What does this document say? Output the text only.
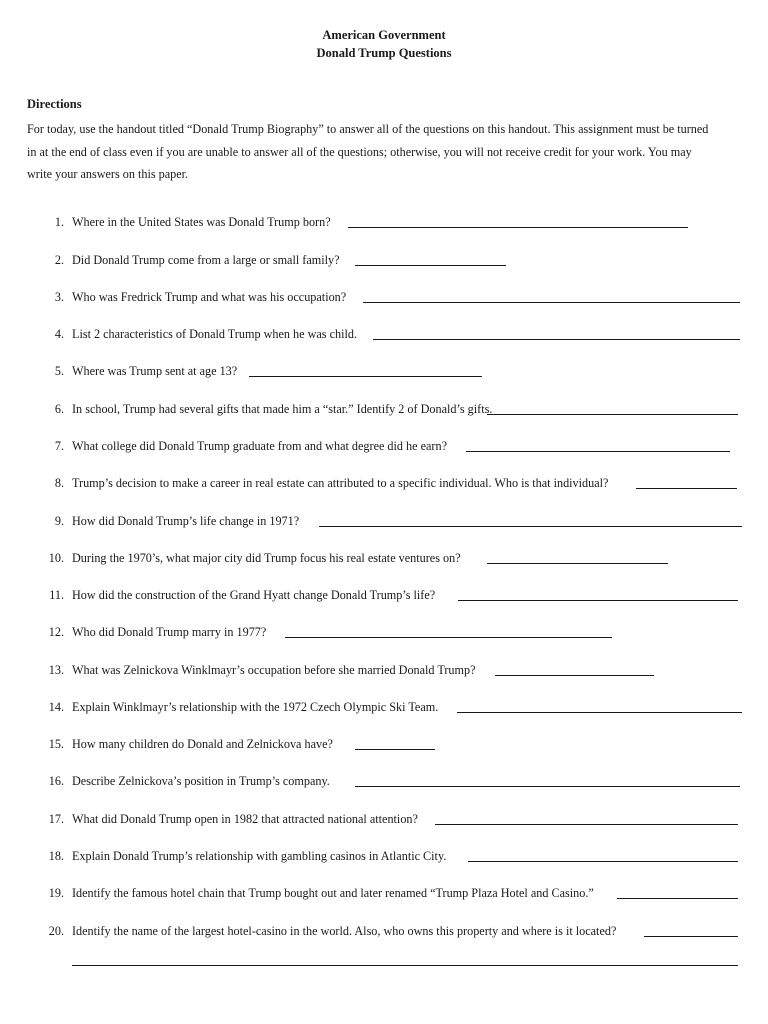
American Government
Donald Trump Questions
Directions
For today, use the handout titled “Donald Trump Biography” to answer all of the questions on this handout. This assignment must be turned
in at the end of class even if you are unable to answer all of the questions; otherwise, you will not receive credit for your work. You may
write your answers on this paper.
1. Where in the United States was Donald Trump born?
2. Did Donald Trump come from a large or small family?
3. Who was Fredrick Trump and what was his occupation?
4. List 2 characteristics of Donald Trump when he was child.
5. Where was Trump sent at age 13?
6. In school, Trump had several gifts that made him a “star.” Identify 2 of Donald’s gifts.
7. What college did Donald Trump graduate from and what degree did he earn?
8. Trump’s decision to make a career in real estate can attributed to a specific individual. Who is that individual?
9. How did Donald Trump’s life change in 1971?
10. During the 1970’s, what major city did Trump focus his real estate ventures on?
11. How did the construction of the Grand Hyatt change Donald Trump’s life?
12. Who did Donald Trump marry in 1977?
13. What was Zelnickova Winklmayr’s occupation before she married Donald Trump?
14. Explain Winklmayr’s relationship with the 1972 Czech Olympic Ski Team.
15. How many children do Donald and Zelnickova have?
16. Describe Zelnickova’s position in Trump’s company.
17. What did Donald Trump open in 1982 that attracted national attention?
18. Explain Donald Trump’s relationship with gambling casinos in Atlantic City.
19. Identify the famous hotel chain that Trump bought out and later renamed “Trump Plaza Hotel and Casino.”
20. Identify the name of the largest hotel-casino in the world. Also, who owns this property and where is it located?
